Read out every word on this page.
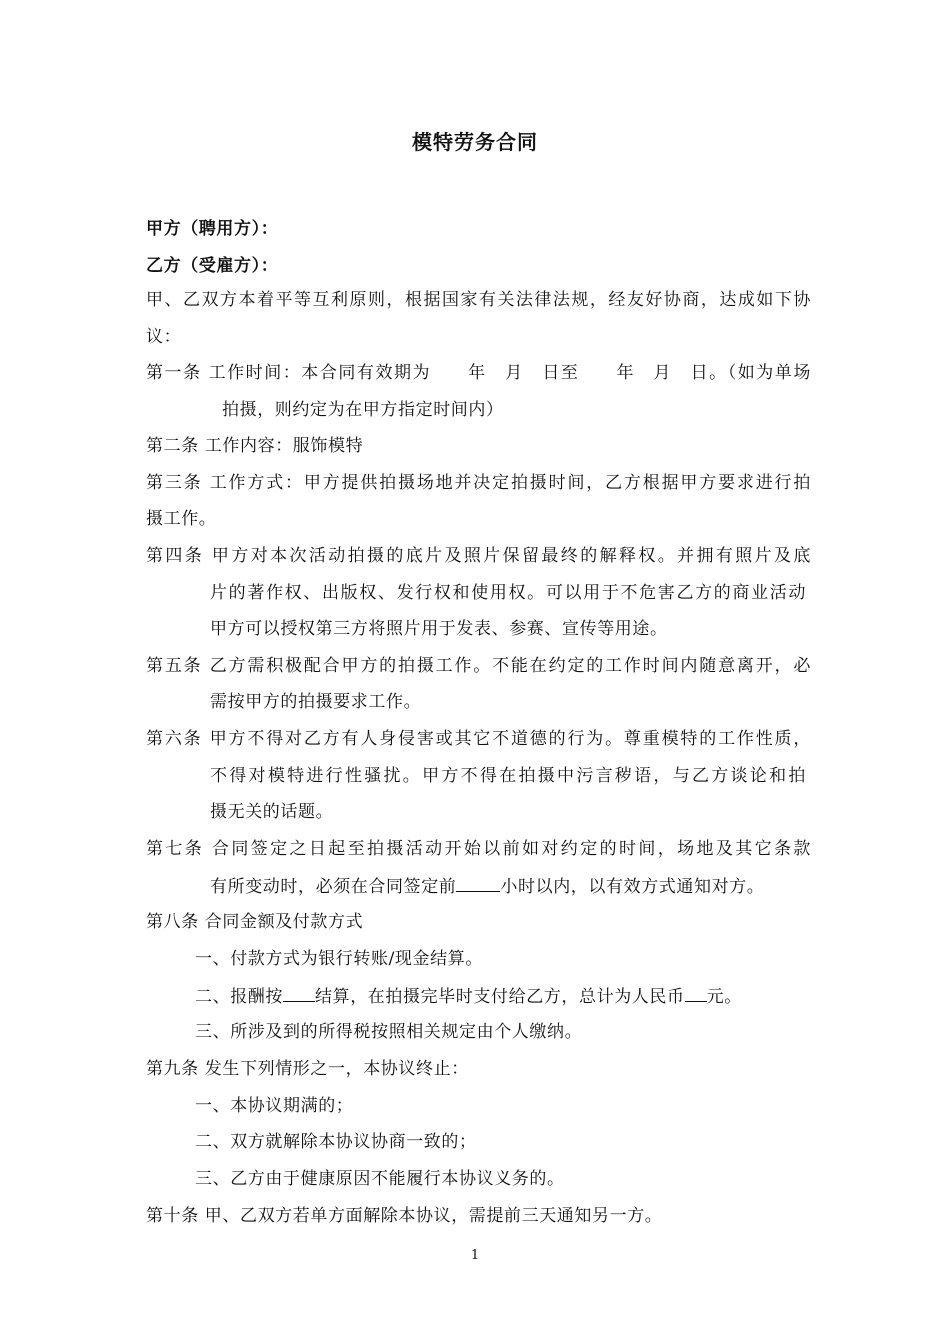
模特劳务合同
甲方（聘用方）：
乙方（受雇方）：
甲、乙双方本着平等互利原则，根据国家有关法律法规，经友好协商，达成如下协
议：
第一条 工作时间：本合同有效期为　　年　月　日至　　年　月　日。（如为单场
拍摄，则约定为在甲方指定时间内）
第二条 工作内容：服饰模特
第三条 工作方式：甲方提供拍摄场地并决定拍摄时间，乙方根据甲方要求进行拍
摄工作。
第四条 甲方对本次活动拍摄的底片及照片保留最终的解释权。并拥有照片及底
片的著作权、出版权、发行权和使用权。可以用于不危害乙方的商业活动
甲方可以授权第三方将照片用于发表、参赛、宣传等用途。
第五条 乙方需积极配合甲方的拍摄工作。不能在约定的工作时间内随意离开，必
需按甲方的拍摄要求工作。
第六条 甲方不得对乙方有人身侵害或其它不道德的行为。尊重模特的工作性质，
不得对模特进行性骚扰。甲方不得在拍摄中污言秽语，与乙方谈论和拍
摄无关的话题。
第七条 合同签定之日起至拍摄活动开始以前如对约定的时间，场地及其它条款
有所变动时，必须在合同签定前	小时以内，以有效方式通知对方。
第八条 合同金额及付款方式
一、付款方式为银行转账/现金结算。
二、报酬按 结算，在拍摄完毕时支付给乙方，总计为人民币 元。
三、所涉及到的所得税按照相关规定由个人缴纳。
第九条 发生下列情形之一，本协议终止：
一、本协议期满的；
二、双方就解除本协议协商一致的；
三、乙方由于健康原因不能履行本协议义务的。
第十条 甲、乙双方若单方面解除本协议，需提前三天通知另一方。
1
